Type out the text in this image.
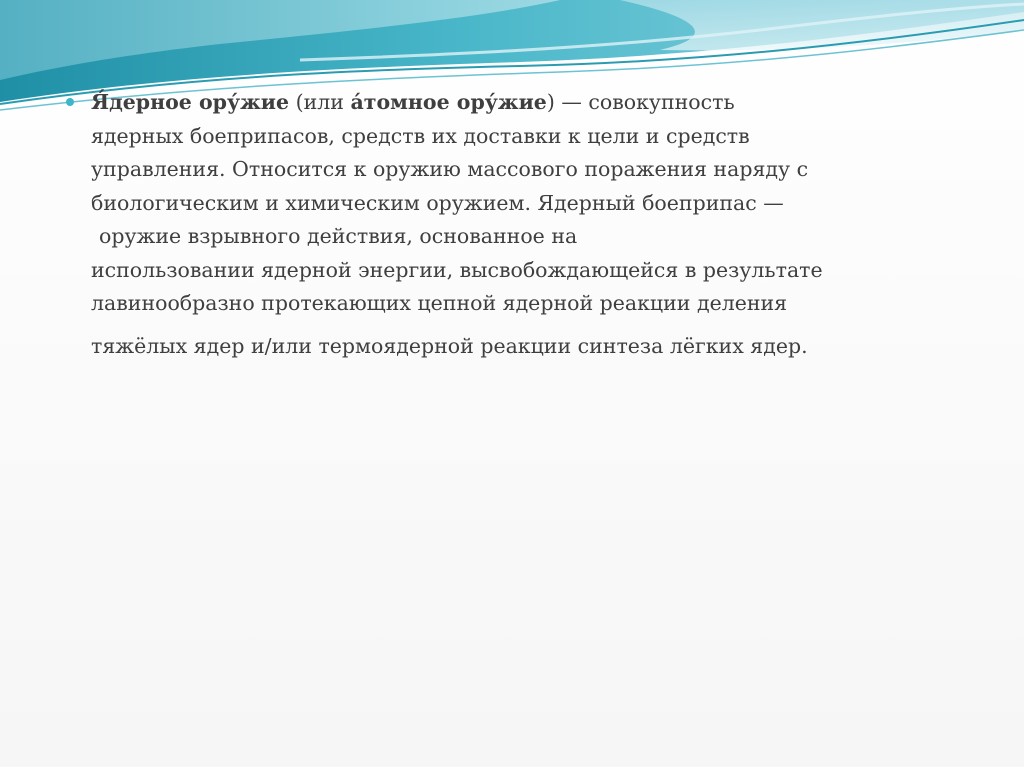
Я́дерное ору́жие (или а́томное ору́жие) — совокупность
ядерных боеприпасов, средств их доставки к цели и средств
управления. Относится к оружию массового поражения наряду с
биологическим и химическим оружием. Ядерный боеприпас —
оружие взрывного действия, основанное на
использовании ядерной энергии, высвобождающейся в результате
лавинообразно протекающих цепной ядерной реакции деления
тяжёлых ядер и/или термоядерной реакции синтеза лёгких ядер.
